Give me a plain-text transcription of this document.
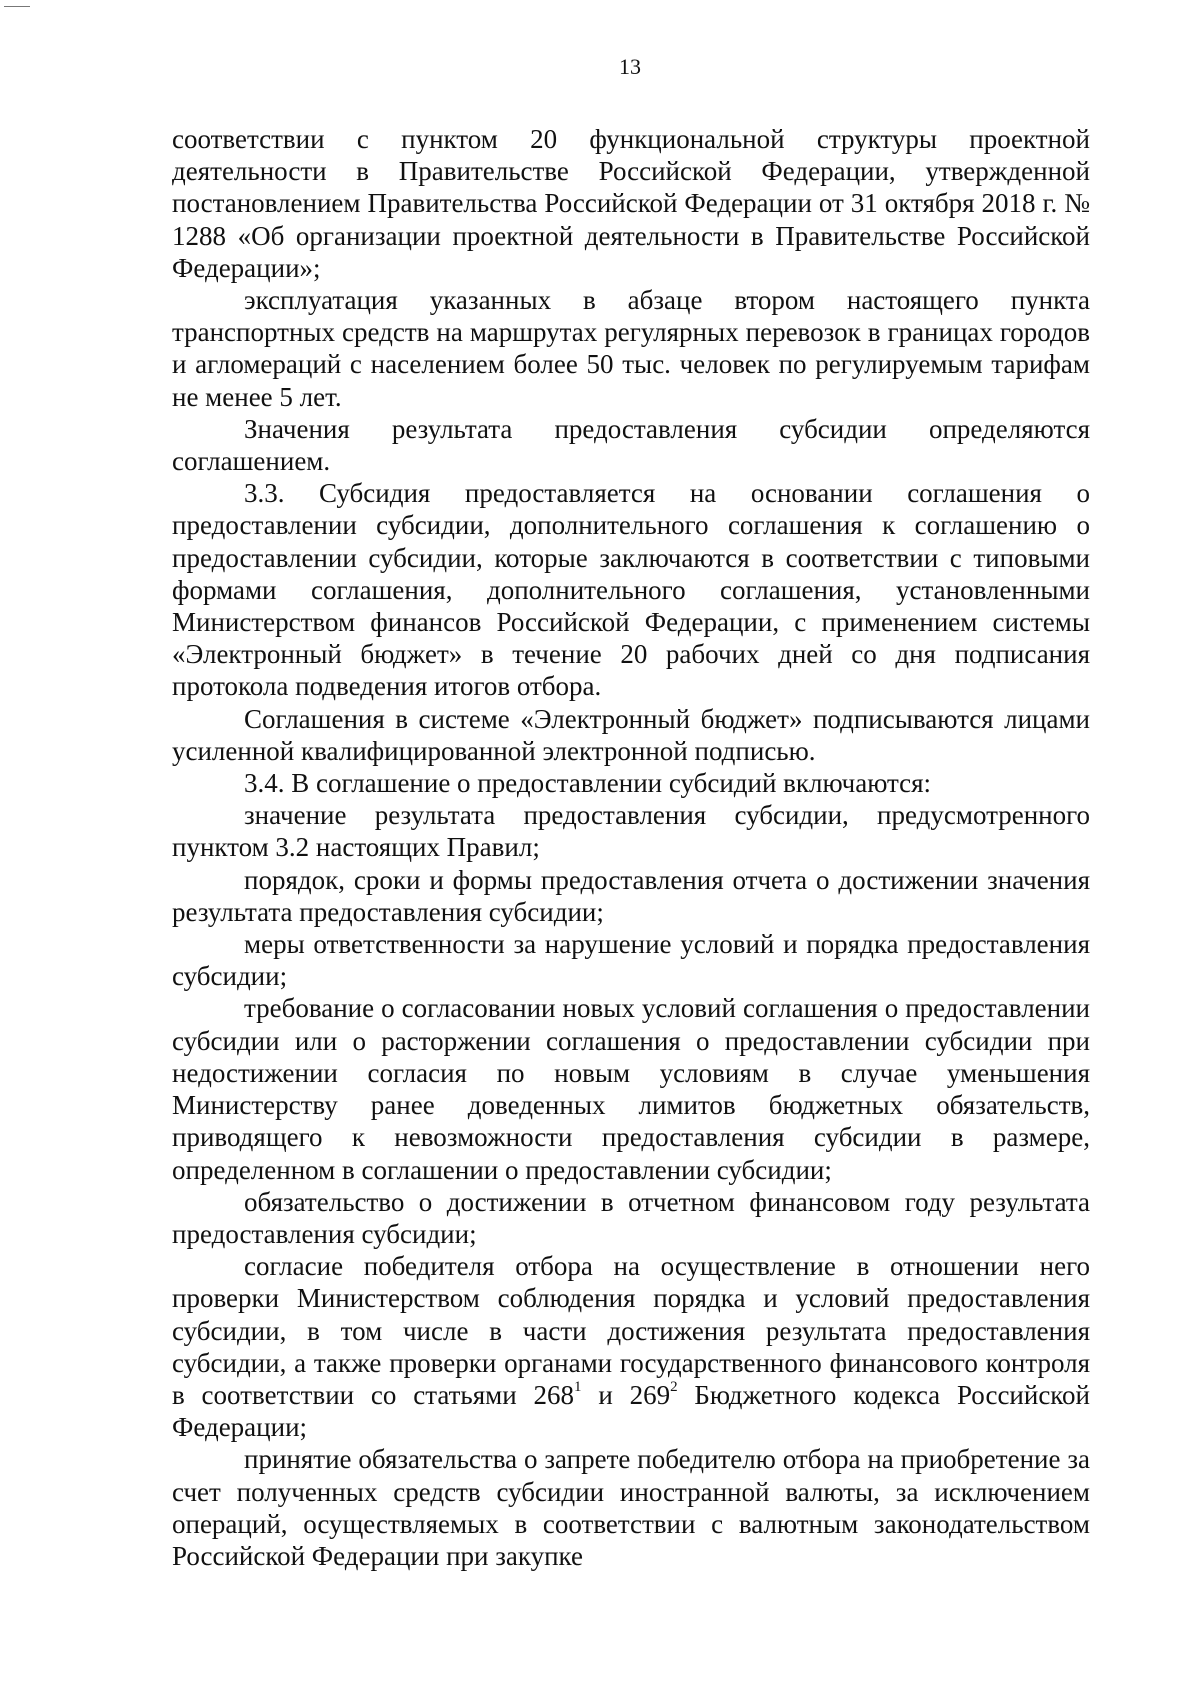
13

соответствии с пунктом 20 функциональной структуры проектной деятельности в Правительстве Российской Федерации, утвержденной постановлением Правительства Российской Федерации от 31 октября 2018 г. № 1288 «Об организации проектной деятельности в Правительстве Российской Федерации»;

эксплуатация указанных в абзаце втором настоящего пункта транспортных средств на маршрутах регулярных перевозок в границах городов и агломераций с населением более 50 тыс. человек по регулируемым тарифам не менее 5 лет.

Значения результата предоставления субсидии определяются соглашением.

3.3. Субсидия предоставляется на основании соглашения о предоставлении субсидии, дополнительного соглашения к соглашению о предоставлении субсидии, которые заключаются в соответствии с типовыми формами соглашения, дополнительного соглашения, установленными Министерством финансов Российской Федерации, с применением системы «Электронный бюджет» в течение 20 рабочих дней со дня подписания протокола подведения итогов отбора.

Соглашения в системе «Электронный бюджет» подписываются лицами усиленной квалифицированной электронной подписью.

3.4. В соглашение о предоставлении субсидий включаются:

значение результата предоставления субсидии, предусмотренного пунктом 3.2 настоящих Правил;

порядок, сроки и формы предоставления отчета о достижении значения результата предоставления субсидии;

меры ответственности за нарушение условий и порядка предоставления субсидии;

требование о согласовании новых условий соглашения о предоставлении субсидии или о расторжении соглашения о предоставлении субсидии при недостижении согласия по новым условиям в случае уменьшения Министерству ранее доведенных лимитов бюджетных обязательств, приводящего к невозможности предоставления субсидии в размере, определенном в соглашении о предоставлении субсидии;

обязательство о достижении в отчетном финансовом году результата предоставления субсидии;

согласие победителя отбора на осуществление в отношении него проверки Министерством соблюдения порядка и условий предоставления субсидии, в том числе в части достижения результата предоставления субсидии, а также проверки органами государственного финансового контроля в соответствии со статьями $268^1$ и $269^2$ Бюджетного кодекса Российской Федерации;

принятие обязательства о запрете победителю отбора на приобретение за счет полученных средств субсидии иностранной валюты, за исключением операций, осуществляемых в соответствии с валютным законодательством Российской Федерации при закупке
